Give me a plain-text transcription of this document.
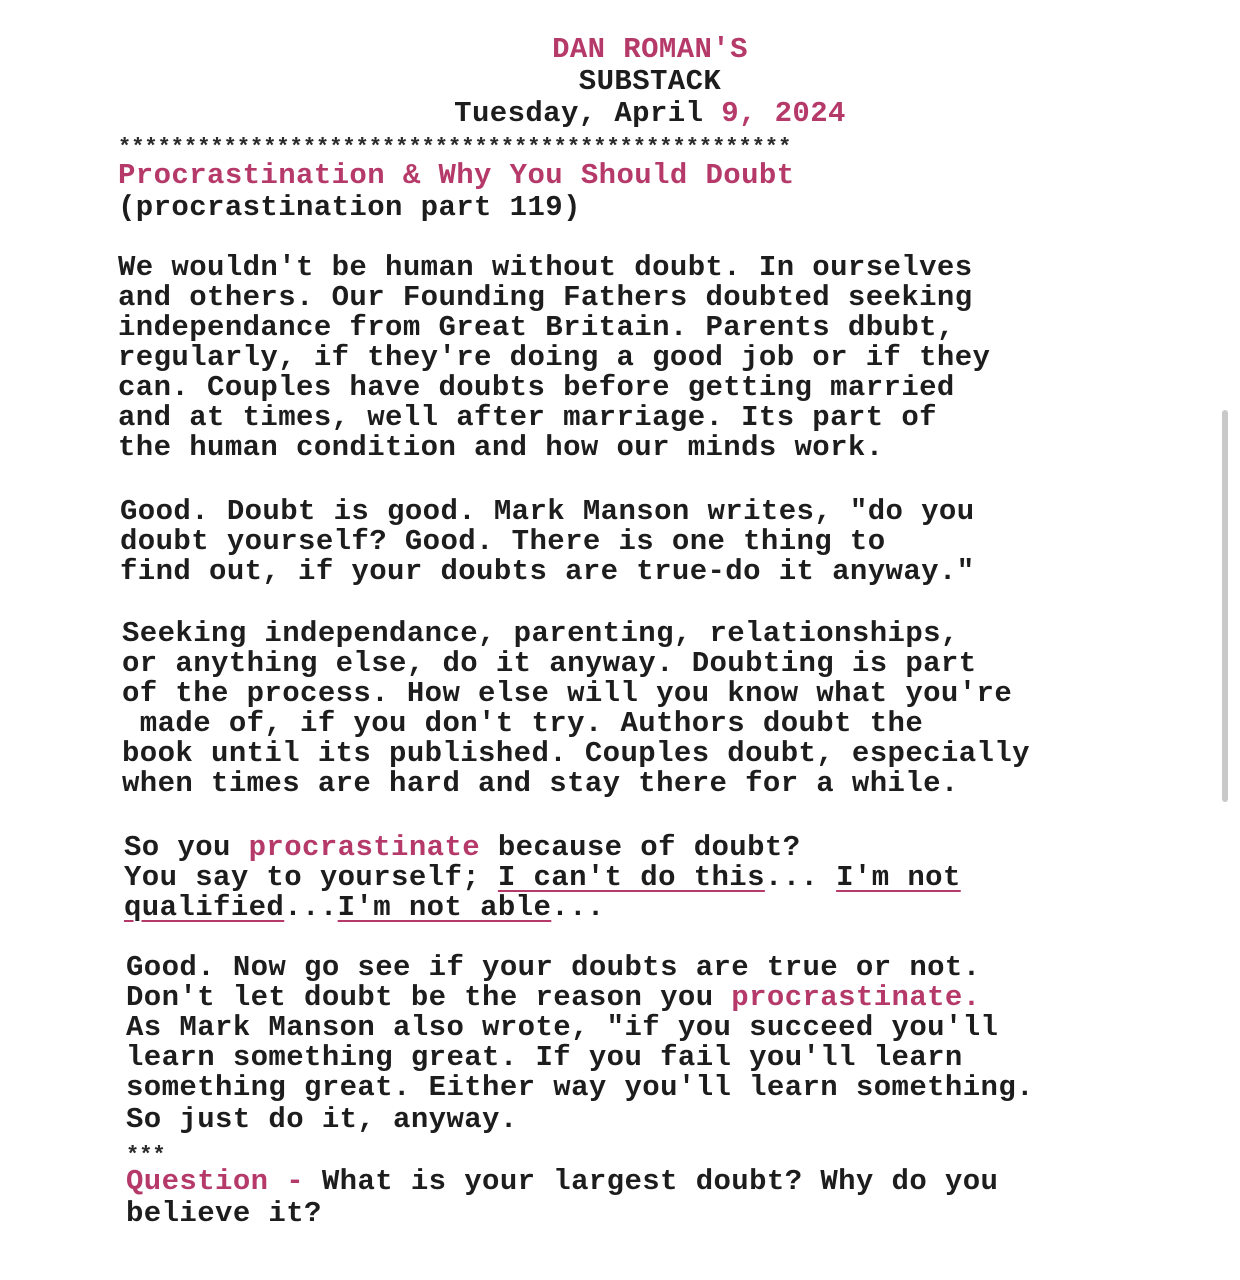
DAN ROMAN'S
SUBSTACK
Tuesday, April 9, 2024
***************************************************
Procrastination & Why You Should Doubt
(procrastination part 119)
We wouldn't be human without doubt. In ourselves
and others. Our Founding Fathers doubted seeking
independance from Great Britain. Parents dbubt,
regularly, if they're doing a good job or if they
can. Couples have doubts before getting married
and at times, well after marriage. Its part of
the human condition and how our minds work.
Good. Doubt is good. Mark Manson writes, "do you
doubt yourself? Good. There is one thing to
find out, if your doubts are true-do it anyway."
Seeking independance, parenting, relationships,
or anything else, do it anyway. Doubting is part
of the process. How else will you know what you're
made of, if you don't try. Authors doubt the
book until its published. Couples doubt, especially
when times are hard and stay there for a while.
So you procrastinate because of doubt?
You say to yourself; I can't do this... I'm not
qualified...I'm not able...
Good. Now go see if your doubts are true or not.
Don't let doubt be the reason you procrastinate.
As Mark Manson also wrote, "if you succeed you'll
learn something great. If you fail you'll learn
something great. Either way you'll learn something.
So just do it, anyway.
***
Question - What is your largest doubt? Why do you
believe it?
